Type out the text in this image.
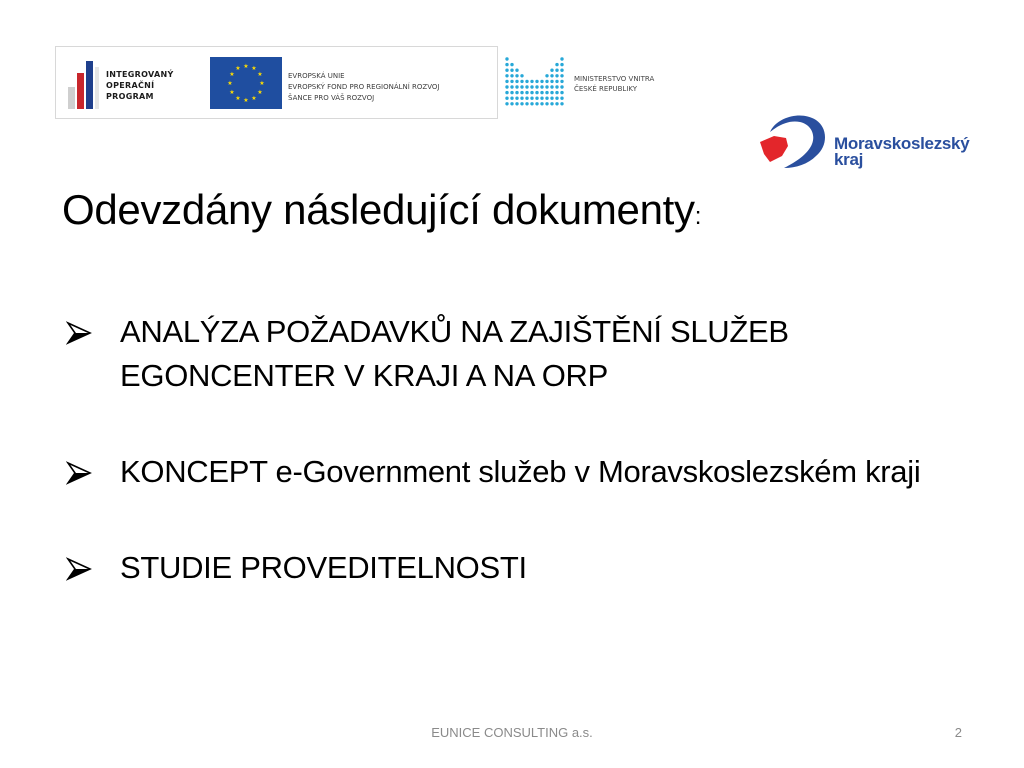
INTEGROVANÝ
OPERAČNÍ
PROGRAM
★ ★
★
★
★
★
★
★
★
★
★
★
EVROPSKÁ UNIE
EVROPSKÝ FOND PRO REGIONÁLNÍ ROZVOJ
ŠANCE PRO VÁŠ ROZVOJ
MINISTERSTVO VNITRA
ČESKÉ REPUBLIKY
Moravskoslezský
kraj
Odevzdány následující dokumenty:
ANALÝZA POŽADAVKŮ NA ZAJIŠTĚNÍ SLUŽEB EGONCENTER V KRAJI A NA ORP
KONCEPT e-Government služeb v Moravskoslezském kraji
STUDIE PROVEDITELNOSTI
EUNICE CONSULTING a.s.	2
